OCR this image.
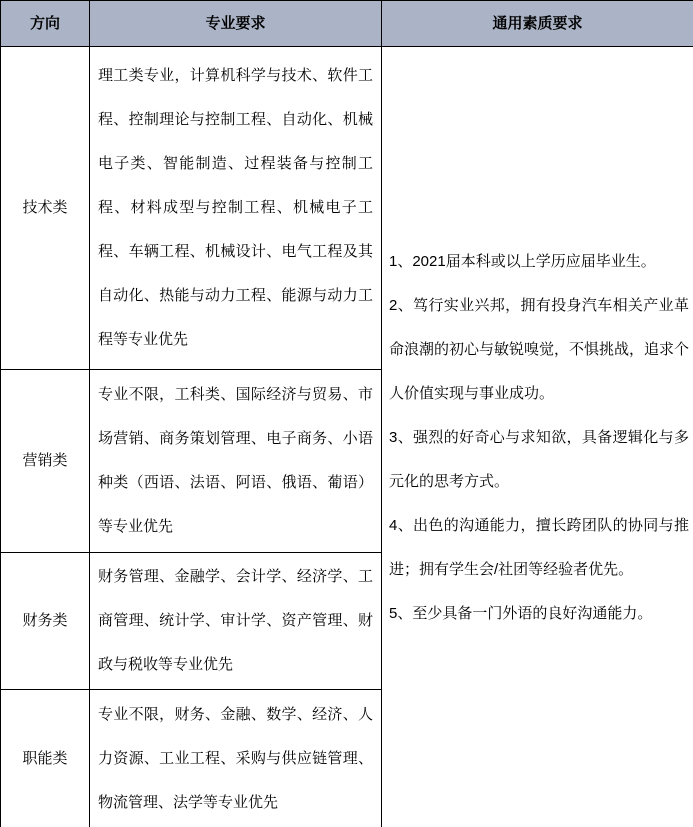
方向	专业要求	通用素质要求
技术类	理工类专业，计算机科学与技术、软件工程、控制理论与控制工程、自动化、机械电子类、智能制造、过程装备与控制工程、材料成型与控制工程、机械电子工程、车辆工程、机械设计、电气工程及其自动化、热能与动力工程、能源与动力工程等专业优先	1、2021届本科或以上学历应届毕业生。

2、笃行实业兴邦，拥有投身汽车相关产业革命浪潮的初心与敏锐嗅觉，不惧挑战，追求个人价值实现与事业成功。

3、强烈的好奇心与求知欲，具备逻辑化与多元化的思考方式。

4、出色的沟通能力，擅长跨团队的协同与推进；拥有学生会/社团等经验者优先。

5、至少具备一门外语的良好沟通能力。

营销类	专业不限，工科类、国际经济与贸易、市场营销、商务策划管理、电子商务、小语种类（西语、法语、阿语、俄语、葡语）等专业优先	
财务类	财务管理、金融学、会计学、经济学、工商管理、统计学、审计学、资产管理、财政与税收等专业优先	
职能类	专业不限，财务、金融、数学、经济、人力资源、工业工程、采购与供应链管理、物流管理、法学等专业优先	
